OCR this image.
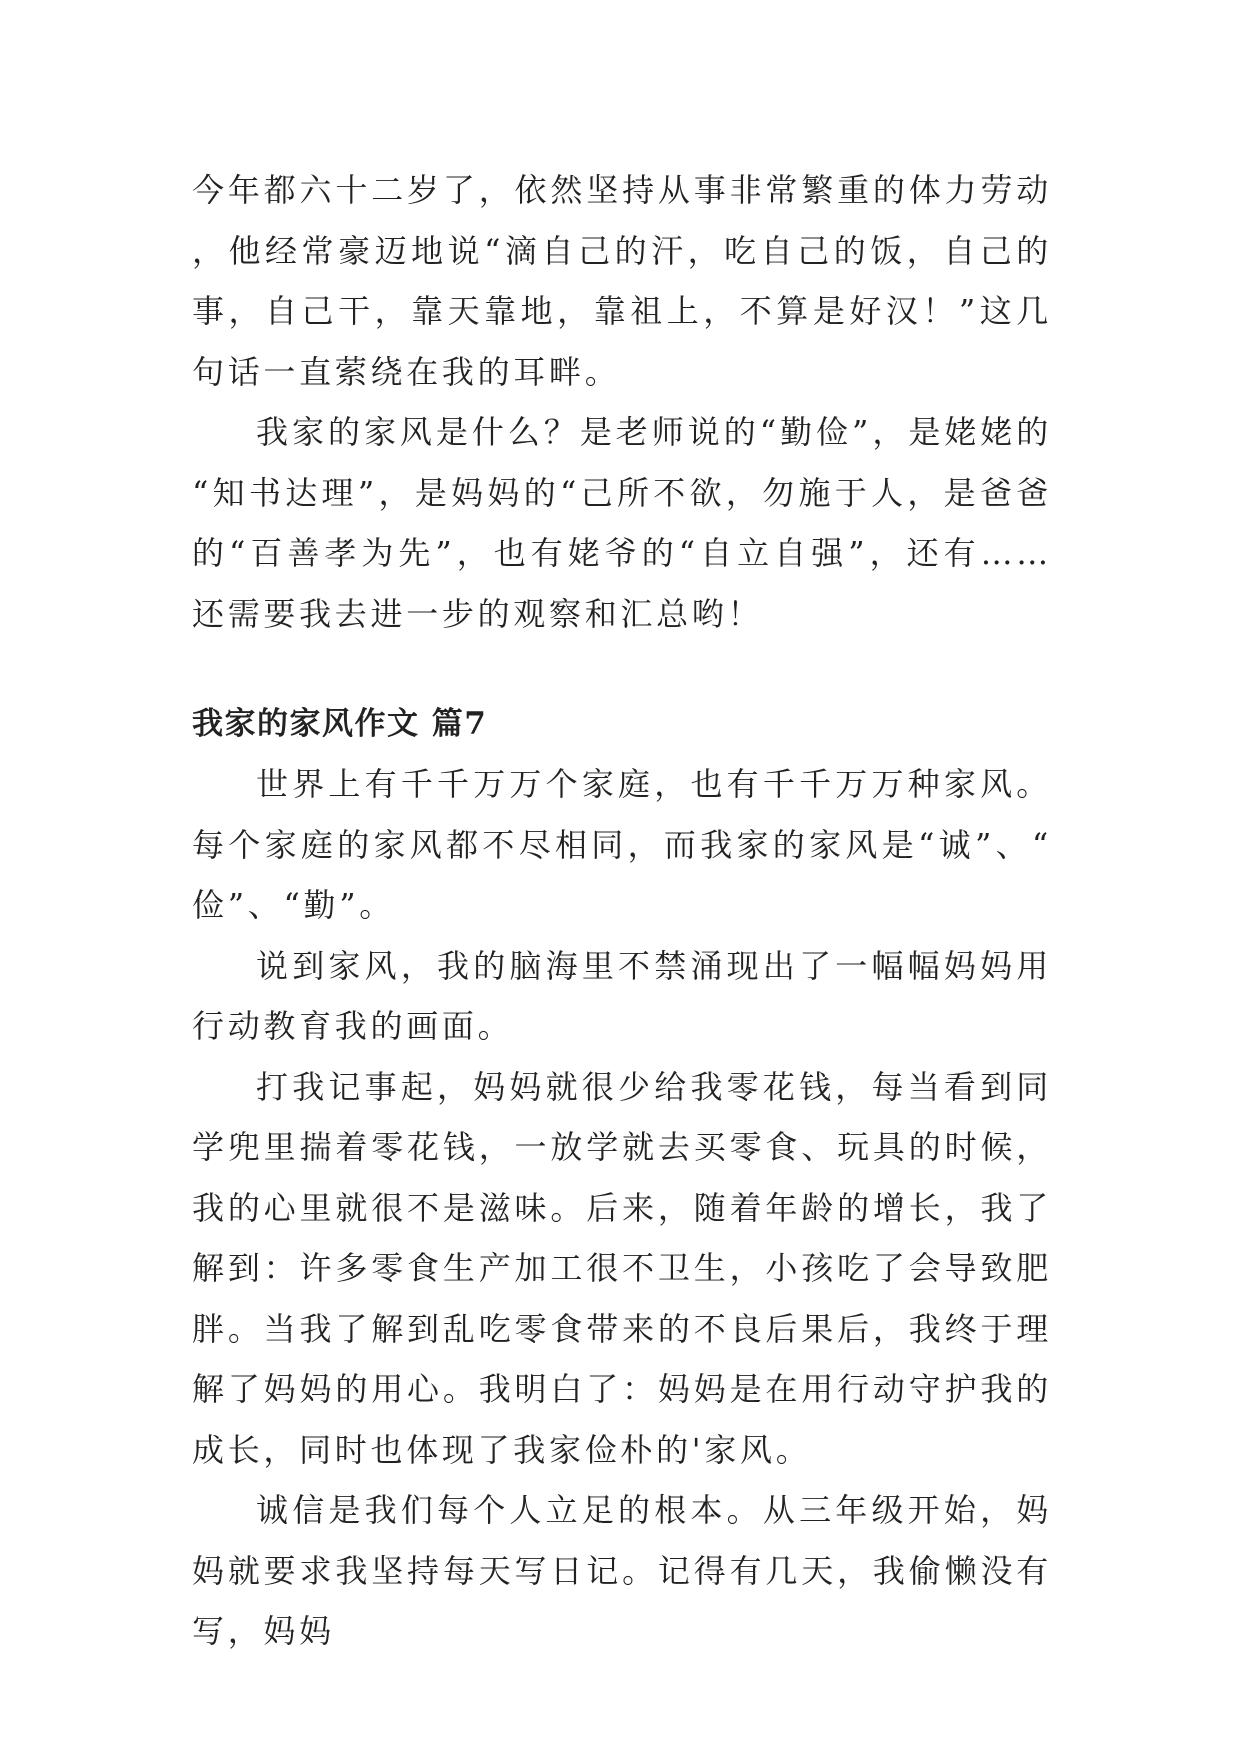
今年都六十二岁了，依然坚持从事非常繁重的体力劳动，他经常豪迈地说“滴自己的汗，吃自己的饭，自己的事，自己干，靠天靠地，靠祖上，不算是好汉！”这几句话一直萦绕在我的耳畔。

我家的家风是什么？是老师说的“勤俭”，是姥姥的“知书达理”，是妈妈的“己所不欲，勿施于人，是爸爸的“百善孝为先”，也有姥爷的“自立自强”，还有……还需要我去进一步的观察和汇总哟！

我家的家风作文 篇7

世界上有千千万万个家庭，也有千千万万种家风。每个家庭的家风都不尽相同，而我家的家风是“诚”、“俭”、“勤”。

说到家风，我的脑海里不禁涌现出了一幅幅妈妈用行动教育我的画面。

打我记事起，妈妈就很少给我零花钱，每当看到同学兜里揣着零花钱，一放学就去买零食、玩具的时候，我的心里就很不是滋味。后来，随着年龄的增长，我了解到：许多零食生产加工很不卫生，小孩吃了会导致肥胖。当我了解到乱吃零食带来的不良后果后，我终于理解了妈妈的用心。我明白了：妈妈是在用行动守护我的成长，同时也体现了我家俭朴的'家风。

诚信是我们每个人立足的根本。从三年级开始，妈妈就要求我坚持每天写日记。记得有几天，我偷懒没有写，妈妈
